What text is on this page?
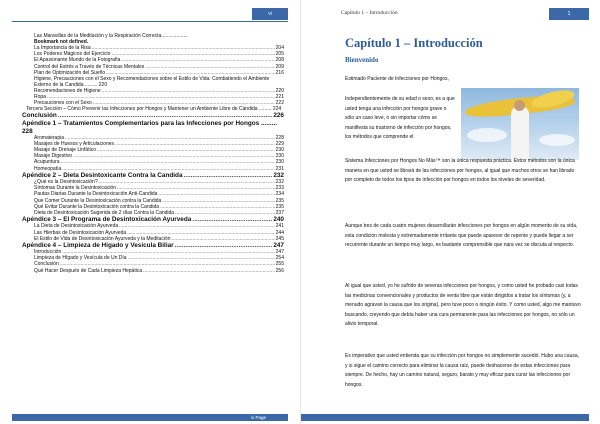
vi
Las Maravillas de la Meditación y la Respiración Correcta...................
Bookmark not defined.
La Importancia de la Risa .....	204
Los Poderes Mágicos del Ejercicio .....	205
El Apasionante Mundo de la Fotografía .....	208
Control del Estrés a Través de Técnicas Mentales .....	209
Plan de Optimización del Sueño .....	216
Higiene, Precauciones con el Sexo y Recomendaciones sobre el Estilo de Vida: Combatiendo el Ambiente Externo de la Candida ......... 220
Recomendaciones de Higiene .....	220
Ropa .....	221
Precauciones con el Sexo .....	222
Tercera Sección – Cómo Prevenir las Infecciones por Hongos y Mantener un Ambiente Libre de Cándida ......... 224
Conclusión .....	226
Apéndice 1 – Tratamientos Complementarios para las Infecciones por Hongos ......... 228
Aromaterapia .....	228
Masajes de Huesos y Articulaciones .....	229
Masaje de Drenaje Linfático .....	230
Masaje Digestivo .....	230
Acupuntura .....	230
Homeopatía .....	231
Apéndice 2 – Dieta Desintoxicante Contra la Candida .....	232
¿Qué es la Desintoxicación? .....	232
Síntomas Durante la Desintoxicación .....	233
Pautas Diarias Durante la Desintoxicación Anti-Candida .....	234
Que Comer Durante la Desintoxicación contra la Candida .....	235
Qué Evitar Durante la Desintoxicación contra la Candida .....	235
Dieta de Desintoxicación Sugerida de 2 días Contra la Candida .....	237
Apéndice 3 – El Programa de Desintoxicación Ayurveda .....	240
La Dieta de Desintoxicación Ayurveda .....	241
Las Hierbas de Desintoxicación Ayurveda .....	244
El Estilo de Vida de Desintoxicación Ayurveda y la Meditación .....	245
Apéndice 4 – Limpieza de Hígado y Vesícula Biliar .....	247
Introducción .....	247
Limpieza de Hígado y Vesícula de Un Día .....	254
Conclusión .....	255
Qué Hacer Después de Cada Limpieza Hepática .....	256
vi Page
Capítulo 1 – Introducción	1
Capítulo 1 – Introducción
Bienvenido

Estimado Paciente de Infecciones por Hongos,

Independientemente de su edad o sexo, es a que usted tenga una infección por hongos grave o sólo un caso leve, o sin importar cómo se manifiesta su trastorno de infección por hongos, los métodos que comprende el

Sistema Infecciones por Hongos No Más™ son la única respuesta práctica. Estos métodos son la única manera en que usted se librará de las infecciones por hongos, al igual que muchos otros se han librado por completo de todos los tipos de infección por hongos en todos los niveles de severidad.

Aunque tres de cada cuatro mujeres desarrollarán infecciones por hongos en algún momento de su vida, esta condición molesta y extremadamente irritante que puede aparecer de repente y puede llegar a ser recurrente durante un tiempo muy largo, es bastante comprensible que nara vez se discuta al respecto.

Al igual que usted, yo he sufrido de severas infecciones por hongos, y como usted he probado casi todas las medicinas convencionales y productos de venta libre que están dirigidos a tratar los síntomas (y, a menudo agravan la causa que los origina), pero tuve poco o ningún éxito. Y como usted, algo me mantuvo buscando, creyendo que debía haber una cura permanente para las infecciones por hongos, no sólo un alivio temporal.

Es imperativo que usted entienda que su infección por hongos no simplemente sucedió. Hubo una causa, y si sigue el camino correcto para eliminar la causa raíz, puede deshacerse de estas infecciones para siempre. De hecho, hay un camino natural, seguro, barato y muy eficaz para curar las infecciones por hongos.
